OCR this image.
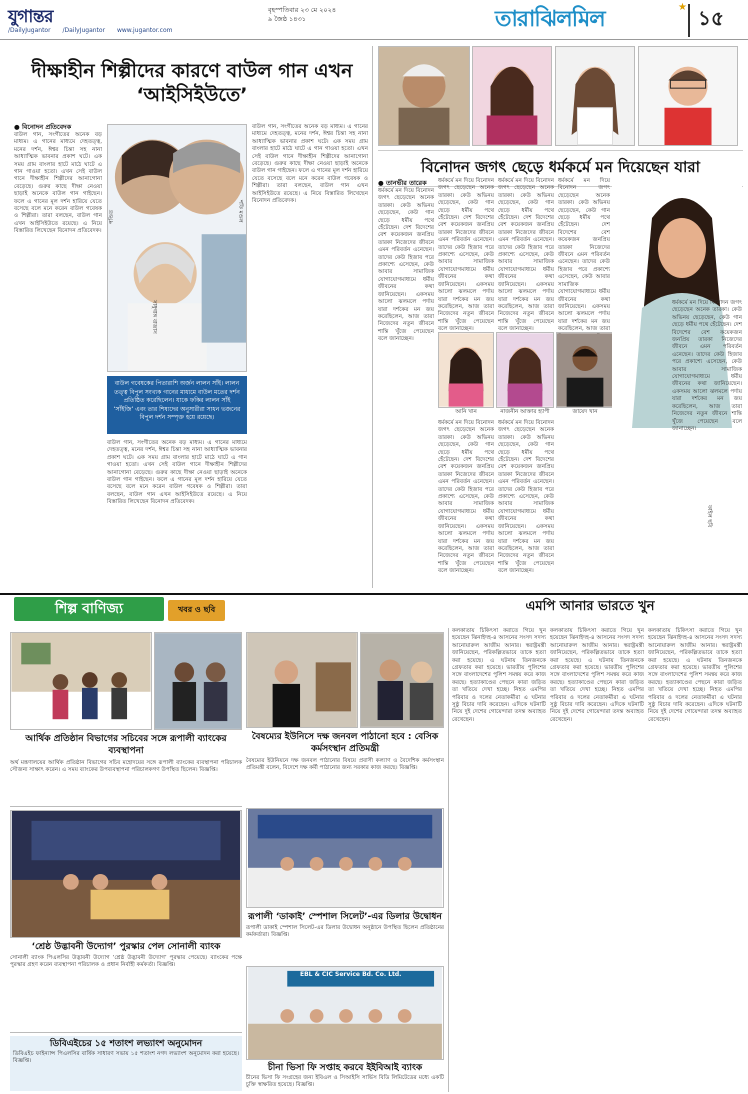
যুগান্তর	বৃহস্পতিবার ২৩ মে ২০২৪
৯ জৈষ্ঠ ১৪৩১
/DailyJugantor /DailyJugantor www.jugantor.com	তারাঝিলমিল	★ ১৫
দীক্ষাহীন শিল্পীদের কারণে বাউল গান এখন ‘আইসিইউতে’
● বিনোদন প্রতিবেদক
বাউল গান, সংগীতের অনেক বড় মাধ্যম। এ গানের মাধ্যমে দেহতত্ত্ব, মনের দর্শন, ঈশ্বর চিন্তা সহ নানা আধ্যাত্মিক ভাবনার প্রকাশ ঘটে। এক সময় গ্রাম বাংলার হাটে মাঠে ঘাটে এ গান গাওয়া হতো। এখন সেই বাউল গানে দীক্ষাহীন শিল্পীদের আনাগোনা বেড়েছে। গুরুর কাছে দীক্ষা নেওয়া ছাড়াই অনেকে বাউল গান গাইছেন। ফলে এ গানের মূল দর্শন হারিয়ে যেতে বসেছে বলে মনে করেন বাউল গবেষক ও শিল্পীরা। তারা বলছেন, বাউল গান এখন আইসিইউতে রয়েছে। এ নিয়ে বিস্তারিত লিখেছেন বিনোদন প্রতিবেদক।
পণ্ডিত	শফি মণ্ডল
সাধুগাঙ্গ বাজাস
বাউল গবেষকের পিতারাশি অর্জন লালন সাঁই। লালন তত্ত্ব বিপুল সংখ্যক গানের মাধ্যমে বাউল মতের দর্শন প্রতিষ্ঠিত করেছিলেন। যাকে ফকির লালন সাঁই ‘সাঁইজি’ এবং তার শিষ্যদের অনুসারীরা সাধন ভজনের বিপুল দর্শন সম্পৃক্ত হয়ে রয়েছে।
বাউল গান, সংগীতের অনেক বড় মাধ্যম। এ গানের মাধ্যমে দেহতত্ত্ব, মনের দর্শন, ঈশ্বর চিন্তা সহ নানা আধ্যাত্মিক ভাবনার প্রকাশ ঘটে। এক সময় গ্রাম বাংলার হাটে মাঠে ঘাটে এ গান গাওয়া হতো। এখন সেই বাউল গানে দীক্ষাহীন শিল্পীদের আনাগোনা বেড়েছে। গুরুর কাছে দীক্ষা নেওয়া ছাড়াই অনেকে বাউল গান গাইছেন। ফলে এ গানের মূল দর্শন হারিয়ে যেতে বসেছে বলে মনে করেন বাউল গবেষক ও শিল্পীরা। তারা বলছেন, বাউল গান এখন আইসিইউতে রয়েছে। এ নিয়ে বিস্তারিত লিখেছেন বিনোদন প্রতিবেদক।
বাউল গান, সংগীতের অনেক বড় মাধ্যম। এ গানের মাধ্যমে দেহতত্ত্ব, মনের দর্শন, ঈশ্বর চিন্তা সহ নানা আধ্যাত্মিক ভাবনার প্রকাশ ঘটে। এক সময় গ্রাম বাংলার হাটে মাঠে ঘাটে এ গান গাওয়া হতো। এখন সেই বাউল গানে দীক্ষাহীন শিল্পীদের আনাগোনা বেড়েছে। গুরুর কাছে দীক্ষা নেওয়া ছাড়াই অনেকে বাউল গান গাইছেন। ফলে এ গানের মূল দর্শন হারিয়ে যেতে বসেছে বলে মনে করেন বাউল গবেষক ও শিল্পীরা। তারা বলছেন, বাউল গান এখন আইসিইউতে রয়েছে। এ নিয়ে বিস্তারিত লিখেছেন বিনোদন প্রতিবেদক।
বিনোদন জগৎ ছেড়ে ধর্মকর্মে মন দিয়েছেন যারা
● তানভীর তারেক
ধর্মকর্মে মন দিয়ে বিনোদন জগৎ ছেড়েছেন অনেক তারকা। কেউ অভিনয় ছেড়েছেন, কেউ গান ছেড়ে ধর্মীয় পথে হেঁটেছেন। দেশ বিদেশের বেশ কয়েকজন জনপ্রিয় তারকা নিজেদের জীবনে এমন পরিবর্তন এনেছেন। তাদের কেউ হিজাব পরে প্রকাশ্যে এসেছেন, কেউ আবার সামাজিক যোগাযোগমাধ্যমে ধর্মীয় জীবনের কথা জানিয়েছেন। একসময় আলো ঝলমলে পর্দায় যারা দর্শকের মন জয় করেছিলেন, আজ তারা নিজেদের নতুন জীবনে শান্তি খুঁজে পেয়েছেন বলে জানাচ্ছেন।
ধর্মকর্মে মন দিয়ে বিনোদন জগৎ ছেড়েছেন অনেক তারকা। কেউ অভিনয় ছেড়েছেন, কেউ গান ছেড়ে ধর্মীয় পথে হেঁটেছেন। দেশ বিদেশের বেশ কয়েকজন জনপ্রিয় তারকা নিজেদের জীবনে এমন পরিবর্তন এনেছেন। তাদের কেউ হিজাব পরে প্রকাশ্যে এসেছেন, কেউ আবার সামাজিক যোগাযোগমাধ্যমে ধর্মীয় জীবনের কথা জানিয়েছেন। একসময় আলো ঝলমলে পর্দায় যারা দর্শকের মন জয় করেছিলেন, আজ তারা নিজেদের নতুন জীবনে শান্তি খুঁজে পেয়েছেন বলে জানাচ্ছেন।
ধর্মকর্মে মন দিয়ে বিনোদন জগৎ ছেড়েছেন অনেক তারকা। কেউ অভিনয় ছেড়েছেন, কেউ গান ছেড়ে ধর্মীয় পথে হেঁটেছেন। দেশ বিদেশের বেশ কয়েকজন জনপ্রিয় তারকা নিজেদের জীবনে এমন পরিবর্তন এনেছেন। তাদের কেউ হিজাব পরে প্রকাশ্যে এসেছেন, কেউ আবার সামাজিক যোগাযোগমাধ্যমে ধর্মীয় জীবনের কথা জানিয়েছেন। একসময় আলো ঝলমলে পর্দায় যারা দর্শকের মন জয় করেছিলেন, আজ তারা নিজেদের নতুন জীবনে শান্তি খুঁজে পেয়েছেন বলে জানাচ্ছেন।
ধর্মকর্মে মন দিয়ে বিনোদন জগৎ ছেড়েছেন অনেক তারকা। কেউ অভিনয় ছেড়েছেন, কেউ গান ছেড়ে ধর্মীয় পথে হেঁটেছেন। দেশ বিদেশের বেশ কয়েকজন জনপ্রিয় তারকা নিজেদের জীবনে এমন পরিবর্তন এনেছেন। তাদের কেউ হিজাব পরে প্রকাশ্যে এসেছেন, কেউ আবার সামাজিক যোগাযোগমাধ্যমে ধর্মীয় জীবনের কথা জানিয়েছেন। একসময় আলো ঝলমলে পর্দায় যারা দর্শকের মন জয় করেছিলেন, আজ তারা
আনি খান	নাজনীন আক্তার হ্যাপী	জায়েদ খান
ধর্মকর্মে মন দিয়ে বিনোদন জগৎ ছেড়েছেন অনেক তারকা। কেউ অভিনয় ছেড়েছেন, কেউ গান ছেড়ে ধর্মীয় পথে হেঁটেছেন। দেশ বিদেশের বেশ কয়েকজন জনপ্রিয় তারকা নিজেদের জীবনে এমন পরিবর্তন এনেছেন। তাদের কেউ হিজাব পরে প্রকাশ্যে এসেছেন, কেউ আবার সামাজিক যোগাযোগমাধ্যমে ধর্মীয় জীবনের কথা জানিয়েছেন। একসময় আলো ঝলমলে পর্দায় যারা দর্শকের মন জয় করেছিলেন, আজ তারা নিজেদের নতুন জীবনে শান্তি খুঁজে পেয়েছেন বলে জানাচ্ছেন।
ধর্মকর্মে মন দিয়ে বিনোদন জগৎ ছেড়েছেন অনেক তারকা। কেউ অভিনয় ছেড়েছেন, কেউ গান ছেড়ে ধর্মীয় পথে হেঁটেছেন। দেশ বিদেশের বেশ কয়েকজন জনপ্রিয় তারকা নিজেদের জীবনে এমন পরিবর্তন এনেছেন। তাদের কেউ হিজাব পরে প্রকাশ্যে এসেছেন, কেউ আবার সামাজিক যোগাযোগমাধ্যমে ধর্মীয় জীবনের কথা জানিয়েছেন। একসময় আলো ঝলমলে পর্দায় যারা দর্শকের মন জয় করেছিলেন, আজ তারা নিজেদের নতুন জীবনে শান্তি খুঁজে পেয়েছেন বলে জানাচ্ছেন।
ধর্মকর্মে মন দিয়ে বিনোদন জগৎ ছেড়েছেন অনেক তারকা। কেউ অভিনয় ছেড়েছেন, কেউ গান ছেড়ে ধর্মীয় পথে হেঁটেছেন। দেশ বিদেশের বেশ কয়েকজন জনপ্রিয় তারকা নিজেদের জীবনে এমন পরিবর্তন এনেছেন। তাদের কেউ হিজাব পরে প্রকাশ্যে এসেছেন, কেউ আবার সামাজিক যোগাযোগমাধ্যমে ধর্মীয় জীবনের কথা জানিয়েছেন। একসময় আলো ঝলমলে পর্দায় যারা দর্শকের মন জয় করেছিলেন, আজ তারা নিজেদের নতুন জীবনে শান্তি খুঁজে পেয়েছেন বলে জানাচ্ছেন।
ফাইল ছবি
শিল্প বাণিজ্য	খবর ও ছবি	এমপি আনার ভারতে খুন
আর্থিক প্রতিষ্ঠান বিভাগের সচিবের সঙ্গে রূপালী ব্যাংকের ব্যবস্থাপনা
অর্থ মন্ত্রণালয়ের আর্থিক প্রতিষ্ঠান বিভাগের সচিব মহোদয়ের সঙ্গে রূপালী ব্যাংকের ব্যবস্থাপনা পরিচালক সৌজন্য সাক্ষাৎ করেন। এ সময় ব্যাংকের উপব্যবস্থাপনা পরিচালকগণ উপস্থিত ছিলেন। বিজ্ঞপ্তি।
‘শ্রেষ্ঠ উদ্ভাবনী উদ্যোগ’ পুরস্কার পেল সোনালী ব্যাংক
সোনালী ব্যাংক পিএলসির উদ্ভাবনী উদ্যোগ ‘শ্রেষ্ঠ উদ্ভাবনী উদ্যোগ’ পুরস্কার পেয়েছে। ব্যাংকের পক্ষে পুরস্কার গ্রহণ করেন ব্যবস্থাপনা পরিচালক ও প্রধান নির্বাহী কর্মকর্তা। বিজ্ঞপ্তি।
ডিবিএইচের ১৫ শতাংশ লভ্যাংশ অনুমোদন
ডিবিএইচ ফাইন্যান্স পিএলসির বার্ষিক সাধারণ সভায় ১৫ শতাংশ নগদ লভ্যাংশ অনুমোদন করা হয়েছে। বিজ্ঞপ্তি।
বৈষম্যের ইউনিসে দক্ষ জনবল পাঠানো হবে : বেসিক কর্মসংস্থান প্রতিমন্ত্রী
বৈষম্যের ইউনিয়নে দক্ষ জনবল পাঠানোর বিষয়ে প্রবাসী কল্যাণ ও বৈদেশিক কর্মসংস্থান প্রতিমন্ত্রী বলেন, বিদেশে দক্ষ কর্মী পাঠানোর জন্য সরকার কাজ করছে। বিজ্ঞপ্তি।
রূপালী ‘ডাকাই’ স্পেশাল সিলেট’-এর ডিলার উদ্বোধন
রূপালী ডাকাই স্পেশাল সিলেট-এর ডিলার উদ্বোধন অনুষ্ঠানে উপস্থিত ছিলেন প্রতিষ্ঠানের কর্মকর্তারা। বিজ্ঞপ্তি।
EBL & CIC Service Bd. Co. Ltd.
চীনা ভিসা ফি সপ্তাহ করবে ইইবিআই ব্যাংক
চীনের ভিসা ফি সংগ্রহের জন্য ইবিএল ও সিআইসি সার্ভিস বিডি লিমিটেডের মধ্যে একটি চুক্তি স্বাক্ষরিত হয়েছে। বিজ্ঞপ্তি।
কলকাতায় চিকিৎসা করাতে গিয়ে খুন হয়েছেন ঝিনাইদহ-৪ আসনের সংসদ সদস্য আনোয়ারুল আজীম আনার। স্বরাষ্ট্রমন্ত্রী জানিয়েছেন, পরিকল্পিতভাবে তাকে হত্যা করা হয়েছে। এ ঘটনায় তিনজনকে গ্রেফতার করা হয়েছে। ভারতীয় পুলিশের সঙ্গে বাংলাদেশের পুলিশ সমন্বয় করে কাজ করছে। হত্যাকাণ্ডের পেছনে কারা জড়িত তা খতিয়ে দেখা হচ্ছে। নিহত এমপির পরিবার ও দলের নেতাকর্মীরা এ ঘটনার সুষ্ঠু বিচার দাবি করেছেন। এদিকে ঘটনাটি নিয়ে দুই দেশের গোয়েন্দারা তদন্ত অব্যাহত রেখেছেন।
কলকাতায় চিকিৎসা করাতে গিয়ে খুন হয়েছেন ঝিনাইদহ-৪ আসনের সংসদ সদস্য আনোয়ারুল আজীম আনার। স্বরাষ্ট্রমন্ত্রী জানিয়েছেন, পরিকল্পিতভাবে তাকে হত্যা করা হয়েছে। এ ঘটনায় তিনজনকে গ্রেফতার করা হয়েছে। ভারতীয় পুলিশের সঙ্গে বাংলাদেশের পুলিশ সমন্বয় করে কাজ করছে। হত্যাকাণ্ডের পেছনে কারা জড়িত তা খতিয়ে দেখা হচ্ছে। নিহত এমপির পরিবার ও দলের নেতাকর্মীরা এ ঘটনার সুষ্ঠু বিচার দাবি করেছেন। এদিকে ঘটনাটি নিয়ে দুই দেশের গোয়েন্দারা তদন্ত অব্যাহত রেখেছেন।
কলকাতায় চিকিৎসা করাতে গিয়ে খুন হয়েছেন ঝিনাইদহ-৪ আসনের সংসদ সদস্য আনোয়ারুল আজীম আনার। স্বরাষ্ট্রমন্ত্রী জানিয়েছেন, পরিকল্পিতভাবে তাকে হত্যা করা হয়েছে। এ ঘটনায় তিনজনকে গ্রেফতার করা হয়েছে। ভারতীয় পুলিশের সঙ্গে বাংলাদেশের পুলিশ সমন্বয় করে কাজ করছে। হত্যাকাণ্ডের পেছনে কারা জড়িত তা খতিয়ে দেখা হচ্ছে। নিহত এমপির পরিবার ও দলের নেতাকর্মীরা এ ঘটনার সুষ্ঠু বিচার দাবি করেছেন। এদিকে ঘটনাটি নিয়ে দুই দেশের গোয়েন্দারা তদন্ত অব্যাহত রেখেছেন।
